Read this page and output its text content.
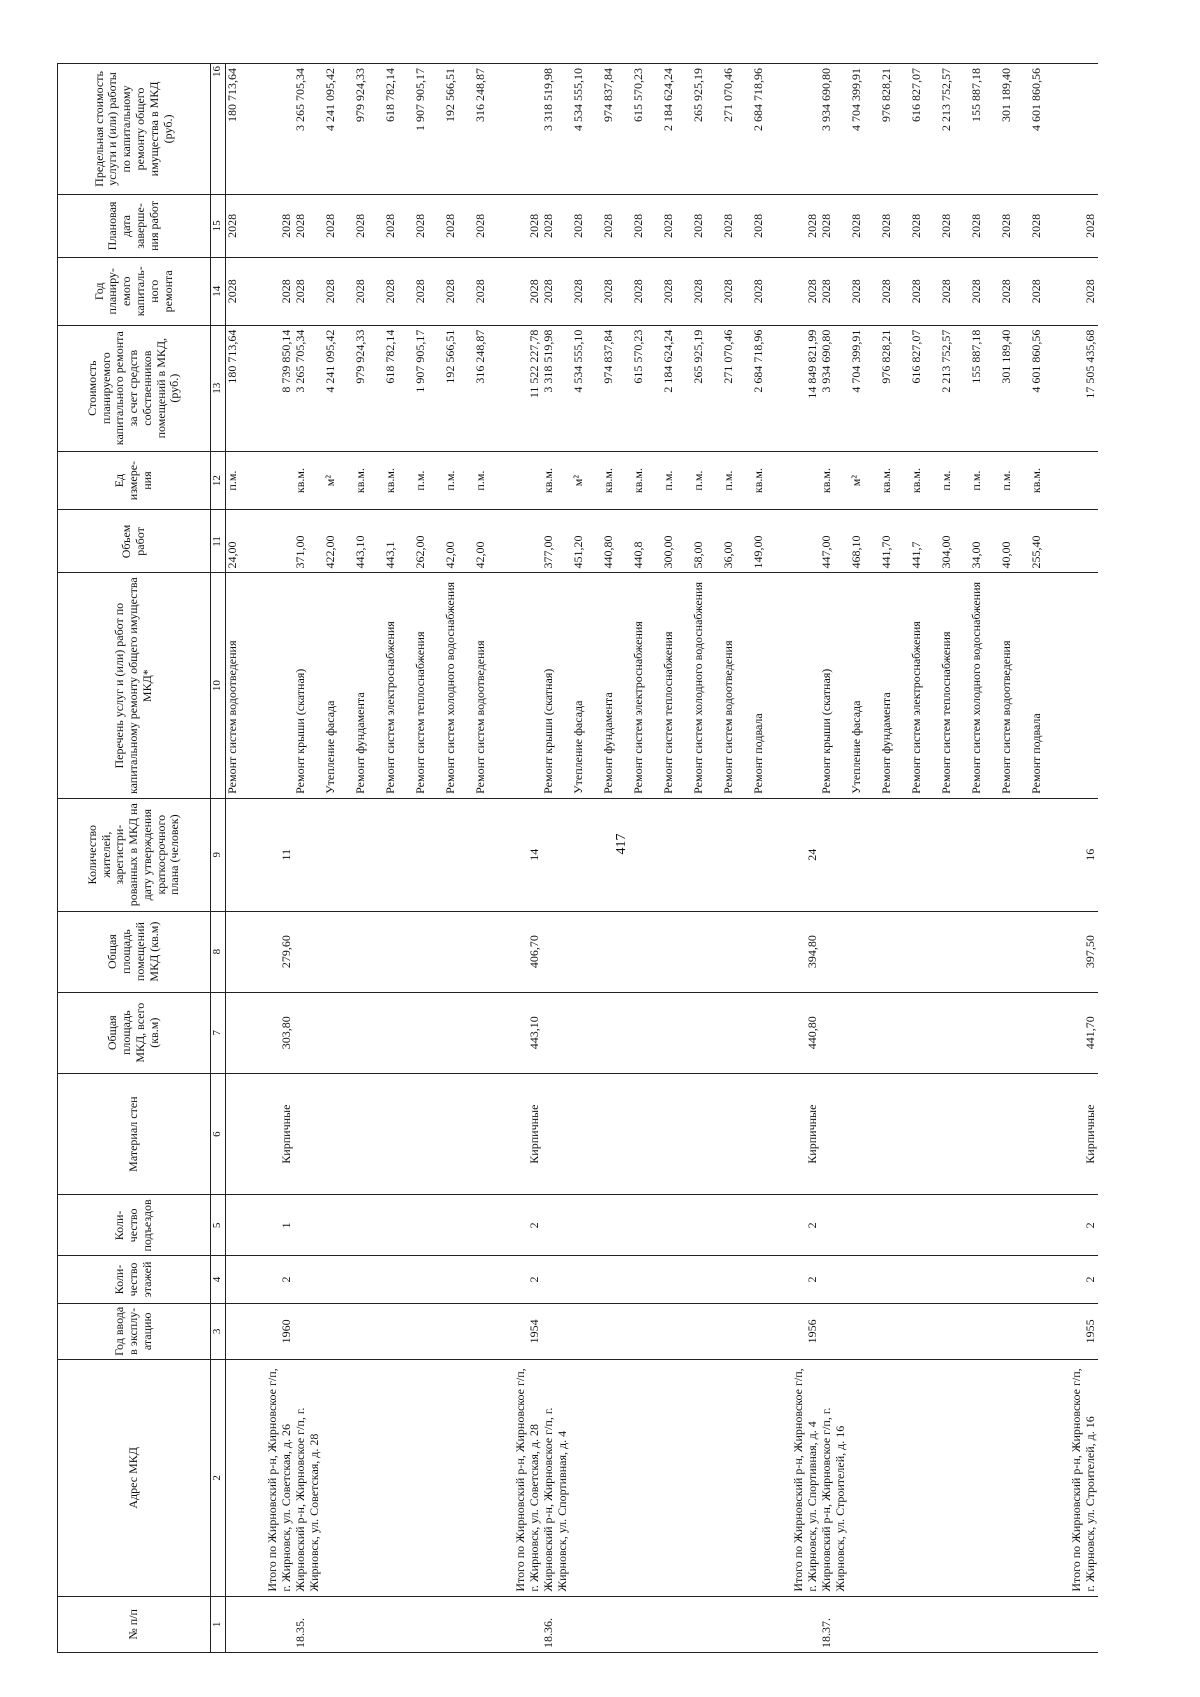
417
№ п/п	Адрес МКД	Год ввода в эксплу-атацию	Коли-чество этажей	Коли-чество подъездов	Материал стен	Общая площадь МКД, всего (кв.м)	Общая площадь помещений МКД (кв.м)	Количество жителей, зарегистри-рованных в МКД на дату утверждения краткосрочного плана (человек)	Перечень услуг и (или) работ по капитальному ремонту общего имущества МКД*	Объем работ	Ед измере-ния	Стоимость планируемого капитального ремонта за счет средств собственников помещений в МКД, (руб.)	Год планиру-емого капиталь-ного ремонта	Плановая дата заверше-ния работ	Предельная стоимость услуги и (или) работы по капитальному ремонту общего имущества в МКД (руб.)
1	2	3	4	5	6	7	8	9	10	11	12	13	14	15	16
									Ремонт систем водоотведения	24,00	п.м.	180 713,64	2028	2028	180 713,64
	Итого по Жирновский р-н, Жирновское г/п, г. Жирновск, ул. Советская, д. 26	1960	2	1	Кирпичные	303,80	279,60	11				8 739 850,14	2028	2028	
18.35.	Жирновский р-н, Жирновское г/п, г. Жирновск, ул. Советская, д. 28								Ремонт крыши (скатная)	371,00	кв.м.	3 265 705,34	2028	2028	3 265 705,34
									Утепление фасада	422,00	м²	4 241 095,42	2028	2028	4 241 095,42
									Ремонт фундамента	443,10	кв.м.	979 924,33	2028	2028	979 924,33
									Ремонт систем электроснабжения	443,1	кв.м.	618 782,14	2028	2028	618 782,14
									Ремонт систем теплоснабжения	262,00	п.м.	1 907 905,17	2028	2028	1 907 905,17
									Ремонт систем холодного водоснабжения	42,00	п.м.	192 566,51	2028	2028	192 566,51
									Ремонт систем водоотведения	42,00	п.м.	316 248,87	2028	2028	316 248,87
	Итого по Жирновский р-н, Жирновское г/п, г. Жирновск, ул. Советская, д. 28	1954	2	2	Кирпичные	443,10	406,70	14				11 522 227,78	2028	2028	
18.36.	Жирновский р-н, Жирновское г/п, г. Жирновск, ул. Спортивная, д. 4								Ремонт крыши (скатная)	377,00	кв.м.	3 318 519,98	2028	2028	3 318 519,98
									Утепление фасада	451,20	м²	4 534 555,10	2028	2028	4 534 555,10
									Ремонт фундамента	440,80	кв.м.	974 837,84	2028	2028	974 837,84
									Ремонт систем электроснабжения	440,8	кв.м.	615 570,23	2028	2028	615 570,23
									Ремонт систем теплоснабжения	300,00	п.м.	2 184 624,24	2028	2028	2 184 624,24
									Ремонт систем холодного водоснабжения	58,00	п.м.	265 925,19	2028	2028	265 925,19
									Ремонт систем водоотведения	36,00	п.м.	271 070,46	2028	2028	271 070,46
									Ремонт подвала	149,00	кв.м.	2 684 718,96	2028	2028	2 684 718,96
	Итого по Жирновский р-н, Жирновское г/п, г. Жирновск, ул. Спортивная, д. 4	1956	2	2	Кирпичные	440,80	394,80	24				14 849 821,99	2028	2028	
18.37.	Жирновский р-н, Жирновское г/п, г. Жирновск, ул. Строителей, д. 16								Ремонт крыши (скатная)	447,00	кв.м.	3 934 690,80	2028	2028	3 934 690,80
									Утепление фасада	468,10	м²	4 704 399,91	2028	2028	4 704 399,91
									Ремонт фундамента	441,70	кв.м.	976 828,21	2028	2028	976 828,21
									Ремонт систем электроснабжения	441,7	кв.м.	616 827,07	2028	2028	616 827,07
									Ремонт систем теплоснабжения	304,00	п.м.	2 213 752,57	2028	2028	2 213 752,57
									Ремонт систем холодного водоснабжения	34,00	п.м.	155 887,18	2028	2028	155 887,18
									Ремонт систем водоотведения	40,00	п.м.	301 189,40	2028	2028	301 189,40
									Ремонт подвала	255,40	кв.м.	4 601 860,56	2028	2028	4 601 860,56
	Итого по Жирновский р-н, Жирновское г/п, г. Жирновск, ул. Строителей, д. 16	1955	2	2	Кирпичные	441,70	397,50	16				17 505 435,68	2028	2028	
